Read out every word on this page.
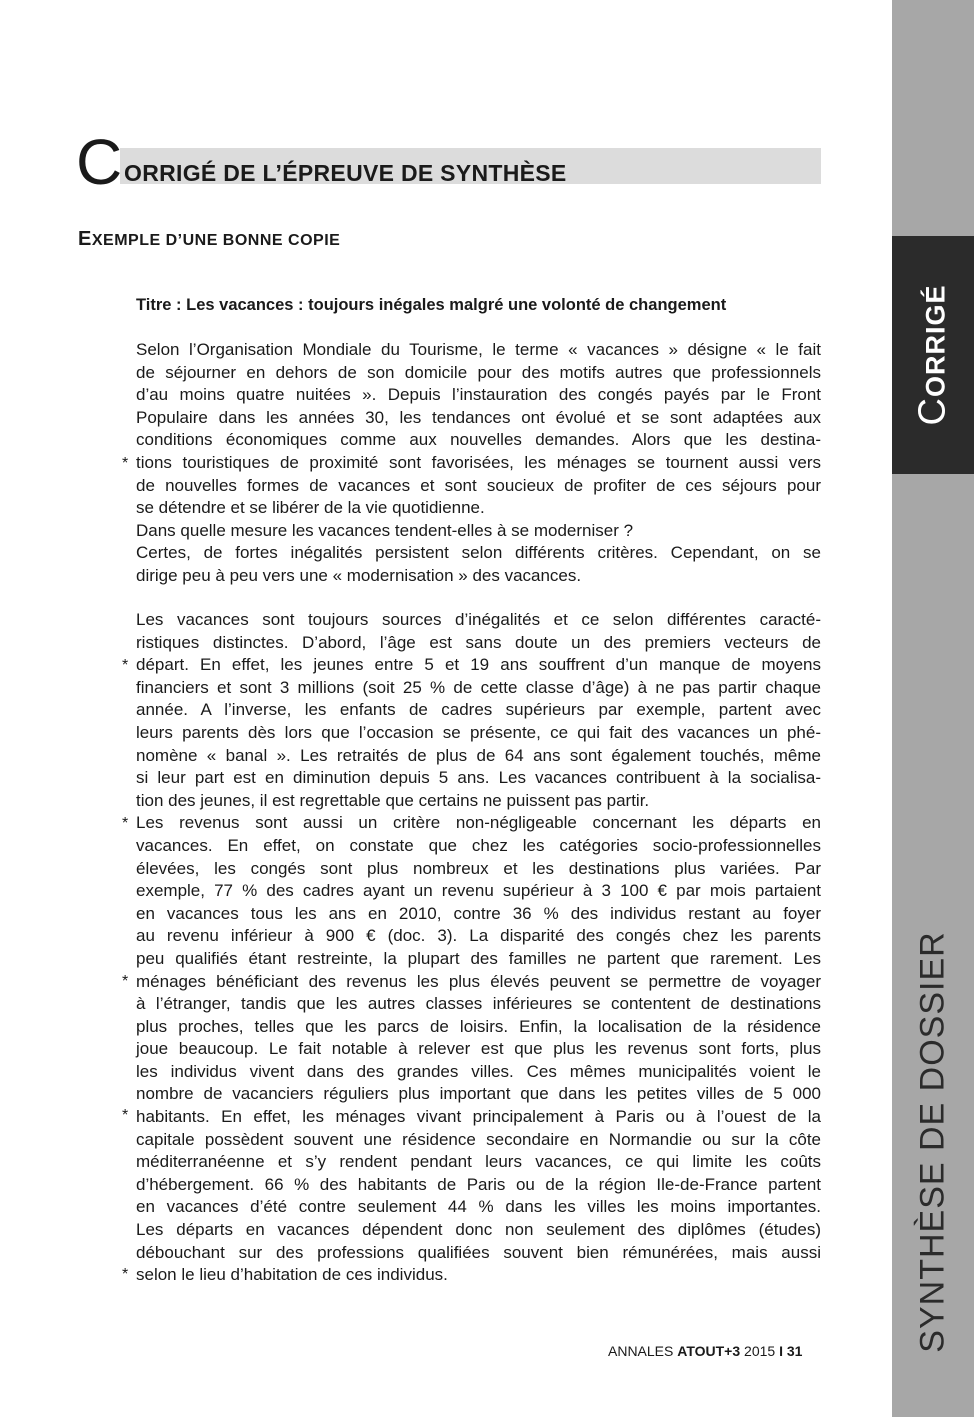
CORRIGÉ
SYNTHÈSE DE DOSSIER
C ORRIGÉ DE L’ÉPREUVE DE SYNTHÈSE
EXEMPLE D’UNE BONNE COPIE
Titre : Les vacances : toujours inégales malgré une volonté de changement
Selon l’Organisation Mondiale du Tourisme, le terme « vacances » désigne « le fait
de séjourner en dehors de son domicile pour des motifs autres que professionnels
d’au moins quatre nuitées ». Depuis l’instauration des congés payés par le Front
Populaire dans les années 30, les tendances ont évolué et se sont adaptées aux
conditions économiques comme aux nouvelles demandes. Alors que les destina-
tions touristiques de proximité sont favorisées, les ménages se tournent aussi vers
de nouvelles formes de vacances et sont soucieux de profiter de ces séjours pour
se détendre et se libérer de la vie quotidienne.
Dans quelle mesure les vacances tendent-elles à se moderniser ?
Certes, de fortes inégalités persistent selon différents critères. Cependant, on se
dirige peu à peu vers une « modernisation » des vacances.
Les vacances sont toujours sources d’inégalités et ce selon différentes caracté-
ristiques distinctes. D’abord, l’âge est sans doute un des premiers vecteurs de
départ. En effet, les jeunes entre 5 et 19 ans souffrent d’un manque de moyens
financiers et sont 3 millions (soit 25 % de cette classe d’âge) à ne pas partir chaque
année. A l’inverse, les enfants de cadres supérieurs par exemple, partent avec
leurs parents dès lors que l’occasion se présente, ce qui fait des vacances un phé-
nomène « banal ». Les retraités de plus de 64 ans sont également touchés, même
si leur part est en diminution depuis 5 ans. Les vacances contribuent à la socialisa-
tion des jeunes, il est regrettable que certains ne puissent pas partir.
Les revenus sont aussi un critère non-négligeable concernant les départs en
vacances. En effet, on constate que chez les catégories socio-professionnelles
élevées, les congés sont plus nombreux et les destinations plus variées. Par
exemple, 77 % des cadres ayant un revenu supérieur à 3 100 € par mois partaient
en vacances tous les ans en 2010, contre 36 % des individus restant au foyer
au revenu inférieur à 900 € (doc. 3). La disparité des congés chez les parents
peu qualifiés étant restreinte, la plupart des familles ne partent que rarement. Les
ménages bénéficiant des revenus les plus élevés peuvent se permettre de voyager
à l’étranger, tandis que les autres classes inférieures se contentent de destinations
plus proches, telles que les parcs de loisirs. Enfin, la localisation de la résidence
joue beaucoup. Le fait notable à relever est que plus les revenus sont forts, plus
les individus vivent dans des grandes villes. Ces mêmes municipalités voient le
nombre de vacanciers réguliers plus important que dans les petites villes de 5 000
habitants. En effet, les ménages vivant principalement à Paris ou à l’ouest de la
capitale possèdent souvent une résidence secondaire en Normandie ou sur la côte
méditerranéenne et s’y rendent pendant leurs vacances, ce qui limite les coûts
d’hébergement. 66 % des habitants de Paris ou de la région Ile-de-France partent
en vacances d’été contre seulement 44 % dans les villes les moins importantes.
Les départs en vacances dépendent donc non seulement des diplômes (études)
débouchant sur des professions qualifiées souvent bien rémunérées, mais aussi
selon le lieu d’habitation de ces individus.
*
*
*
*
*
*
ANNALES ATOUT+3 2015 I 31
